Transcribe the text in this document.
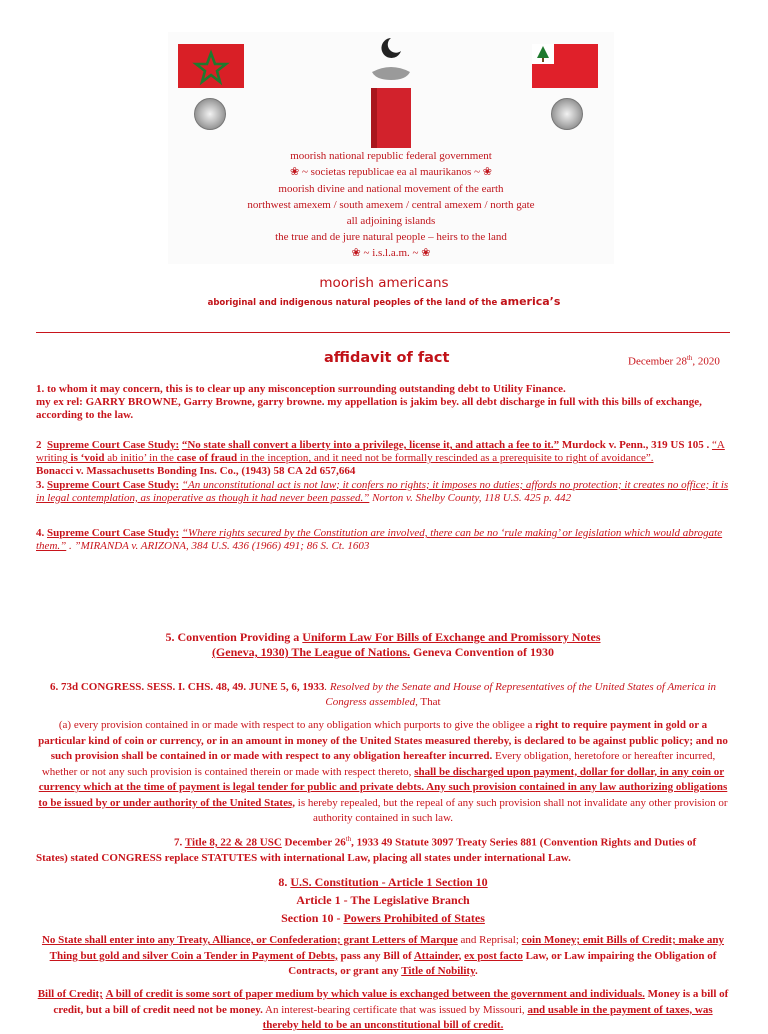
moorish national republic federal government
❀ ~ societas republicae ea al maurikanos ~ ❀
moorish divine and national movement of the earth
northwest amexem / south amexem / central amexem / north gate
all adjoining islands
the true and de jure natural people – heirs to the land
❀ ~ i.s.l.a.m. ~ ❀
moorish americans
aboriginal and indigenous natural peoples of the land of the america’s
affidavit of fact	December 28th, 2020
1. to whom it may concern, this is to clear up any misconception surrounding outstanding debt to Utility Finance.
my ex rel: GARRY BROWNE, Garry Browne, garry browne. my appellation is jakim bey. all debt discharge in full with this bills of exchange, according to the law.
2 Supreme Court Case Study: “No state shall convert a liberty into a privilege, license it, and attach a fee to it.” Murdock v. Penn., 319 US 105 . “A writing is ‘void ab initio’ in the case of fraud in the inception, and it need not be formally rescinded as a prerequisite to right of avoidance”.
Bonacci v. Massachusetts Bonding Ins. Co., (1943) 58 CA 2d 657,664
3. Supreme Court Case Study: “An unconstitutional act is not law; it confers no rights; it imposes no duties; affords no protection; it creates no office; it is in legal contemplation, as inoperative as though it had never been passed.” Norton v. Shelby County, 118 U.S. 425 p. 442
4. Supreme Court Case Study: “Where rights secured by the Constitution are involved, there can be no ‘rule making’ or legislation which would abrogate them.” . ”MIRANDA v. ARIZONA, 384 U.S. 436 (1966) 491; 86 S. Ct. 1603
5. Convention Providing a Uniform Law For Bills of Exchange and Promissory Notes
(Geneva, 1930) The League of Nations. Geneva Convention of 1930
6. 73d CONGRESS. SESS. I. CHS. 48, 49. JUNE 5, 6, 1933. Resolved by the Senate and House of Representatives of the United States of America in Congress assembled, That
(a) every provision contained in or made with respect to any obligation which purports to give the obligee a right to require payment in gold or a particular kind of coin or currency, or in an amount in money of the United States measured thereby, is declared to be against public policy; and no such provision shall be contained in or made with respect to any obligation hereafter incurred. Every obligation, heretofore or hereafter incurred, whether or not any such provision is contained therein or made with respect thereto, shall be discharged upon payment, dollar for dollar, in any coin or currency which at the time of payment is legal tender for public and private debts. Any such provision contained in any law authorizing obligations to be issued by or under authority of the United States, is hereby repealed, but the repeal of any such provision shall not invalidate any other provision or authority contained in such law.
7. Title 8, 22 & 28 USC December 26th, 1933 49 Statute 3097 Treaty Series 881 (Convention Rights and Duties of States) stated CONGRESS replace STATUTES with international Law, placing all states under international Law.
8. U.S. Constitution - Article 1 Section 10
Article 1 - The Legislative Branch
Section 10 - Powers Prohibited of States
No State shall enter into any Treaty, Alliance, or Confederation; grant Letters of Marque and Reprisal; coin Money; emit Bills of Credit; make any Thing but gold and silver Coin a Tender in Payment of Debts, pass any Bill of Attainder, ex post facto Law, or Law impairing the Obligation of Contracts, or grant any Title of Nobility.
Bill of Credit; A bill of credit is some sort of paper medium by which value is exchanged between the government and individuals. Money is a bill of credit, but a bill of credit need not be money. An interest-bearing certificate that was issued by Missouri, and usable in the payment of taxes, was thereby held to be an unconstitutional bill of credit.
